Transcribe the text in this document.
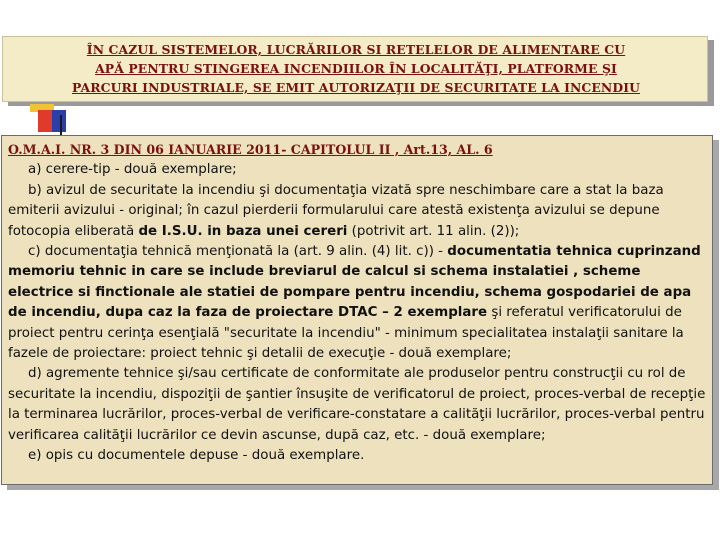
ÎN CAZUL SISTEMELOR, LUCRĂRILOR SI RETELELOR DE ALIMENTARE CU
APĂ PENTRU STINGEREA INCENDIILOR ÎN LOCALITĂŢI, PLATFORME ŞI
PARCURI INDUSTRIALE, SE EMIT AUTORIZAŢII DE SECURITATE LA INCENDIU

O.M.A.I. NR. 3 DIN 06 IANUARIE 2011- CAPITOLUL II , Art.13, AL. 6

a) cerere-tip - două exemplare;

b) avizul de securitate la incendiu şi documentaţia vizată spre neschimbare care a stat la baza emiterii avizului - original; în cazul pierderii formularului care atestă existenţa avizului se depune fotocopia eliberată de I.S.U. in baza unei cereri (potrivit art. 11 alin. (2));

c) documentaţia tehnică menţionată la (art. 9 alin. (4) lit. c)) - documentatia tehnica cuprinzand memoriu tehnic in care se include breviarul de calcul si schema instalatiei , scheme electrice si finctionale ale statiei de pompare pentru incendiu, schema gospodariei de apa de incendiu, dupa caz la faza de proiectare DTAC – 2 exemplare şi referatul verificatorului de proiect pentru cerinţa esenţială "securitate la incendiu" - minimum specialitatea instalaţii sanitare la fazele de proiectare: proiect tehnic şi detalii de execuţie - două exemplare;

d) agremente tehnice şi/sau certificate de conformitate ale produselor pentru construcţii cu rol de securitate la incendiu, dispoziţii de şantier însuşite de verificatorul de proiect, proces-verbal de recepţie la terminarea lucrărilor, proces-verbal de verificare-constatare a calităţii lucrărilor, proces-verbal pentru verificarea calităţii lucrărilor ce devin ascunse, după caz, etc. - două exemplare;

e) opis cu documentele depuse - două exemplare.
